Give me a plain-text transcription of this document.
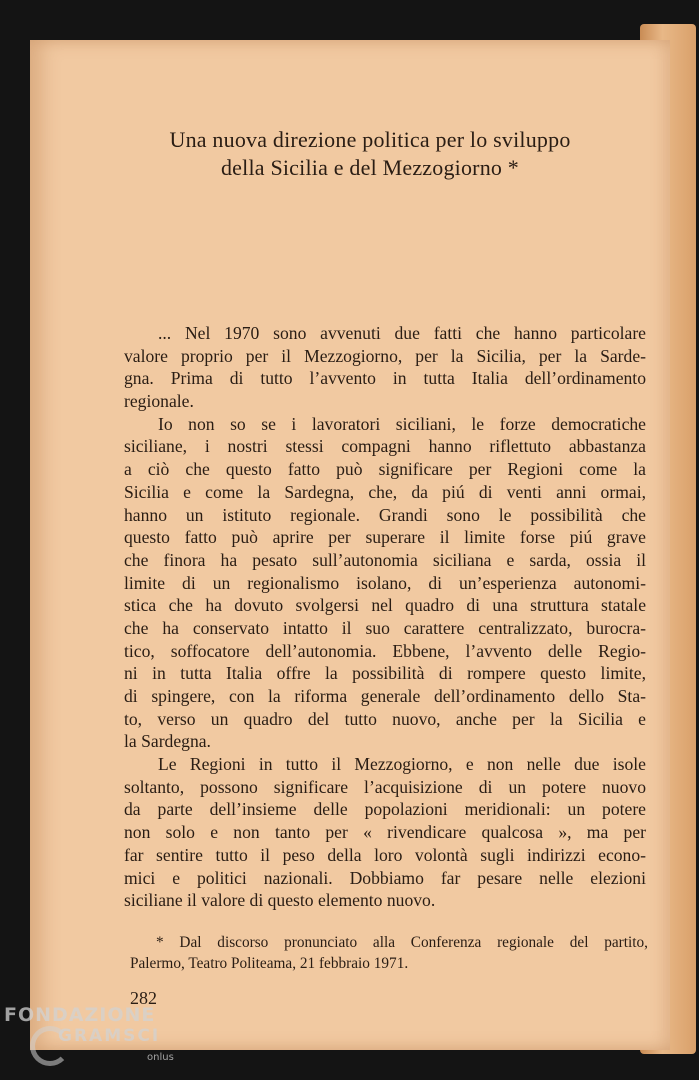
Una nuova direzione politica per lo sviluppo
della Sicilia e del Mezzogiorno *
... Nel 1970 sono avvenuti due fatti che hanno particolare
valore proprio per il Mezzogiorno, per la Sicilia, per la Sarde-
gna. Prima di tutto l’avvento in tutta Italia dell’ordinamento
regionale.
Io non so se i lavoratori siciliani, le forze democratiche
siciliane, i nostri stessi compagni hanno riflettuto abbastanza
a ciò che questo fatto può significare per Regioni come la
Sicilia e come la Sardegna, che, da piú di venti anni ormai,
hanno un istituto regionale. Grandi sono le possibilità che
questo fatto può aprire per superare il limite forse piú grave
che finora ha pesato sull’autonomia siciliana e sarda, ossia il
limite di un regionalismo isolano, di un’esperienza autonomi-
stica che ha dovuto svolgersi nel quadro di una struttura statale
che ha conservato intatto il suo carattere centralizzato, burocra-
tico, soffocatore dell’autonomia. Ebbene, l’avvento delle Regio-
ni in tutta Italia offre la possibilità di rompere questo limite,
di spingere, con la riforma generale dell’ordinamento dello Sta-
to, verso un quadro del tutto nuovo, anche per la Sicilia e
la Sardegna.
Le Regioni in tutto il Mezzogiorno, e non nelle due isole
soltanto, possono significare l’acquisizione di un potere nuovo
da parte dell’insieme delle popolazioni meridionali: un potere
non solo e non tanto per « rivendicare qualcosa », ma per
far sentire tutto il peso della loro volontà sugli indirizzi econo-
mici e politici nazionali. Dobbiamo far pesare nelle elezioni
siciliane il valore di questo elemento nuovo.
* Dal discorso pronunciato alla Conferenza regionale del partito,
Palermo, Teatro Politeama, 21 febbraio 1971.
282
FONDAZIONE
GRAMSCI
onlus
